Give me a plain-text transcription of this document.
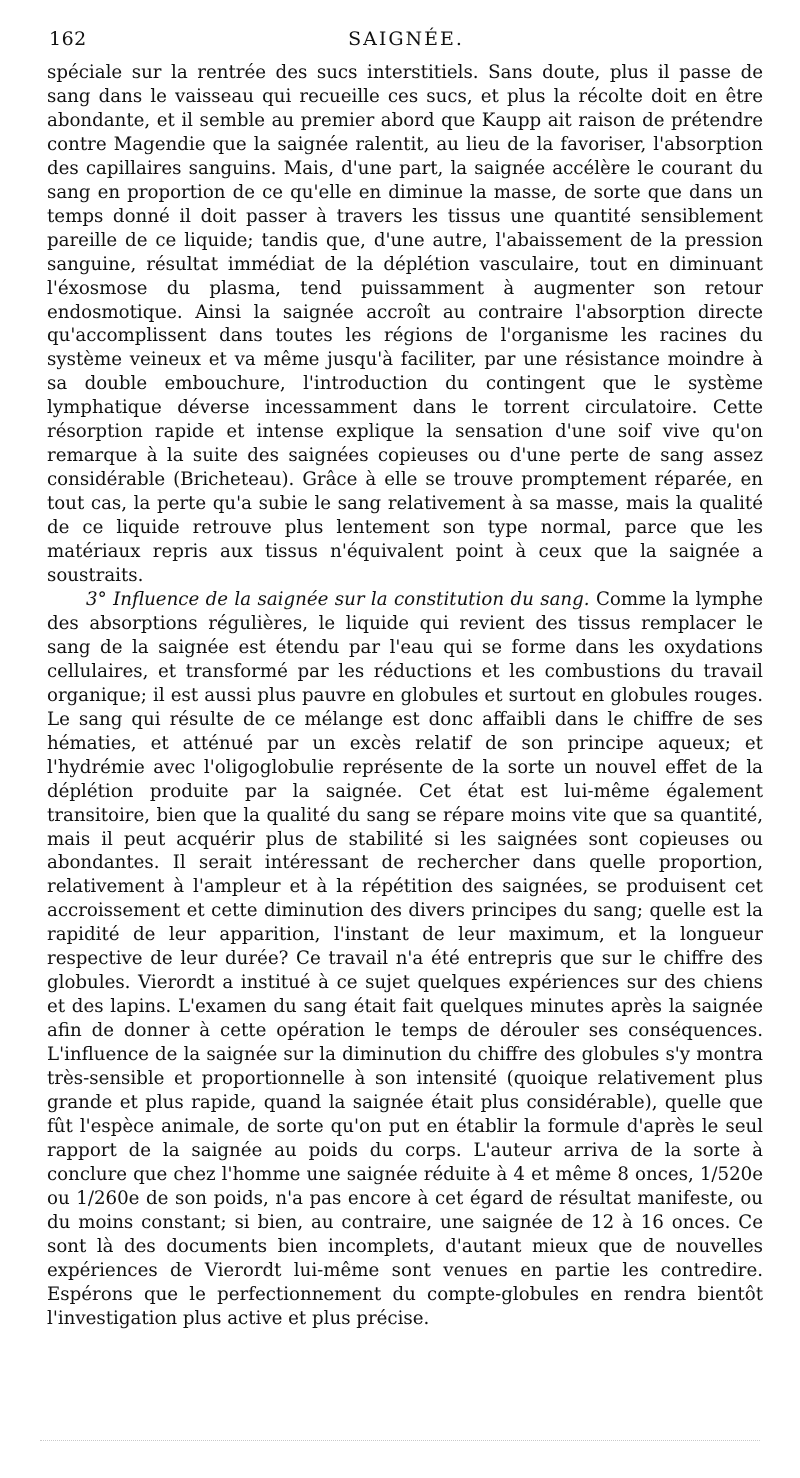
162	SAIGNÉE.

spéciale sur la rentrée des sucs interstitiels. Sans doute, plus il passe de sang dans le vaisseau qui recueille ces sucs, et plus la récolte doit en être abondante, et il semble au premier abord que Kaupp ait raison de prétendre contre Magendie que la saignée ralentit, au lieu de la favoriser, l'absorption des capillaires sanguins. Mais, d'une part, la saignée accélère le courant du sang en proportion de ce qu'elle en diminue la masse, de sorte que dans un temps donné il doit passer à travers les tissus une quantité sensiblement pareille de ce liquide; tandis que, d'une autre, l'abaissement de la pression sanguine, résultat immédiat de la déplétion vasculaire, tout en diminuant l'éxosmose du plasma, tend puissamment à augmenter son retour endosmotique. Ainsi la saignée accroît au contraire l'absorption directe qu'accomplissent dans toutes les régions de l'organisme les racines du système veineux et va même jusqu'à faciliter, par une résistance moindre à sa double embouchure, l'introduction du contingent que le système lymphatique déverse incessamment dans le torrent circulatoire. Cette résorption rapide et intense explique la sensation d'une soif vive qu'on remarque à la suite des saignées copieuses ou d'une perte de sang assez considérable (Bricheteau). Grâce à elle se trouve promptement réparée, en tout cas, la perte qu'a subie le sang relativement à sa masse, mais la qualité de ce liquide retrouve plus lentement son type normal, parce que les matériaux repris aux tissus n'équivalent point à ceux que la saignée a soustraits.

3° Influence de la saignée sur la constitution du sang. Comme la lymphe des absorptions régulières, le liquide qui revient des tissus remplacer le sang de la saignée est étendu par l'eau qui se forme dans les oxydations cellulaires, et transformé par les réductions et les combustions du travail organique; il est aussi plus pauvre en globules et surtout en globules rouges. Le sang qui résulte de ce mélange est donc affaibli dans le chiffre de ses hématies, et atténué par un excès relatif de son principe aqueux; et l'hydrémie avec l'oligoglobulie représente de la sorte un nouvel effet de la déplétion produite par la saignée. Cet état est lui-même également transitoire, bien que la qualité du sang se répare moins vite que sa quantité, mais il peut acquérir plus de stabilité si les saignées sont copieuses ou abondantes. Il serait intéressant de rechercher dans quelle proportion, relativement à l'ampleur et à la répétition des saignées, se produisent cet accroissement et cette diminution des divers principes du sang; quelle est la rapidité de leur apparition, l'instant de leur maximum, et la longueur respective de leur durée? Ce travail n'a été entrepris que sur le chiffre des globules. Vierordt a institué à ce sujet quelques expériences sur des chiens et des lapins. L'examen du sang était fait quelques minutes après la saignée afin de donner à cette opération le temps de dérouler ses conséquences. L'influence de la saignée sur la diminution du chiffre des globules s'y montra très-sensible et proportionnelle à son intensité (quoique relativement plus grande et plus rapide, quand la saignée était plus considérable), quelle que fût l'espèce animale, de sorte qu'on put en établir la formule d'après le seul rapport de la saignée au poids du corps. L'auteur arriva de la sorte à conclure que chez l'homme une saignée réduite à 4 et même 8 onces, 1/520e ou 1/260e de son poids, n'a pas encore à cet égard de résultat manifeste, ou du moins constant; si bien, au contraire, une saignée de 12 à 16 onces. Ce sont là des documents bien incomplets, d'autant mieux que de nouvelles expériences de Vierordt lui-même sont venues en partie les contredire. Espérons que le perfectionnement du compte-globules en rendra bientôt l'investigation plus active et plus précise.
